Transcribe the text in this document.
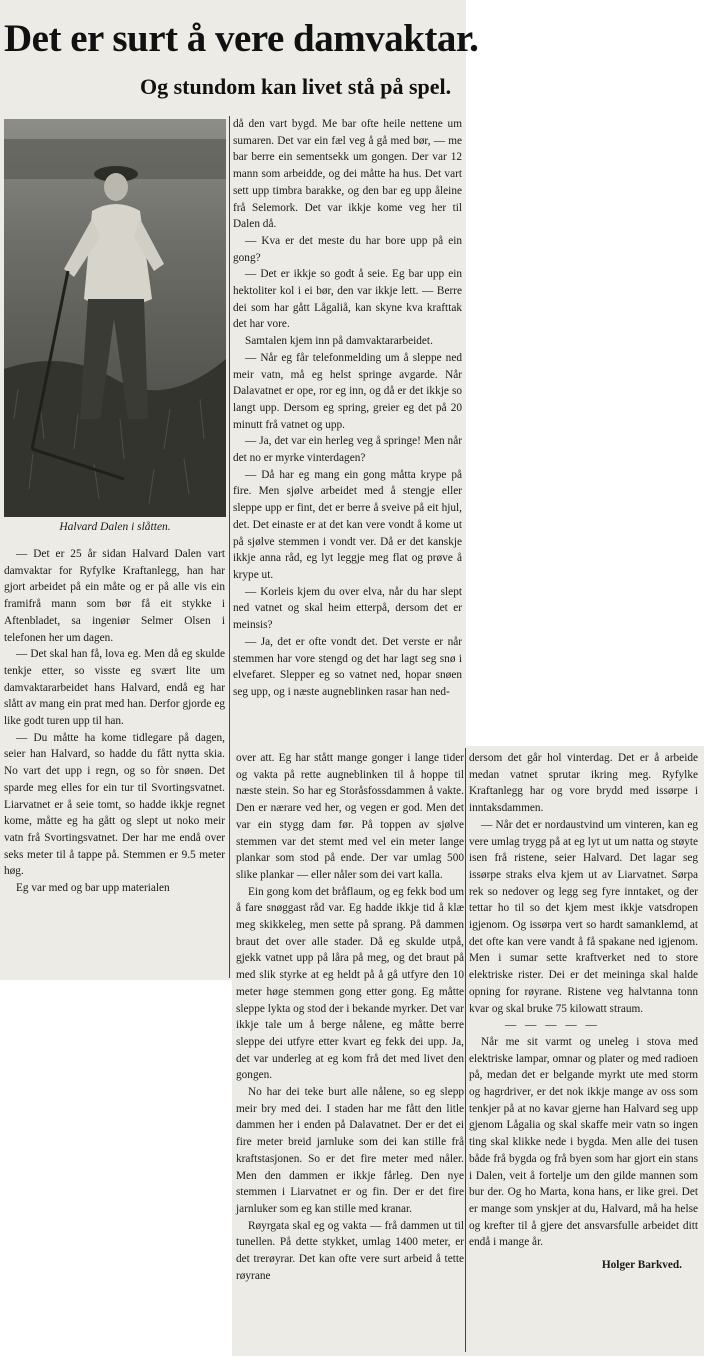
Det er surt å vere damvaktar.
Og stundom kan livet stå på spel.
Halvard Dalen i slåtten.

— Det er 25 år sidan Halvard Dalen vart damvaktar for Ryfylke Kraftanlegg, han har gjort arbeidet på ein måte og er på alle vis ein framifrå mann som bør få eit stykke i Aftenbladet, sa ingeniør Selmer Olsen i telefonen her um dagen.

— Det skal han få, lova eg. Men då eg skulde tenkje etter, so visste eg svært lite um damvaktararbeidet hans Halvard, endå eg har slått av mang ein prat med han. Derfor gjorde eg like godt turen upp til han.

— Du måtte ha kome tidlegare på dagen, seier han Halvard, so hadde du fått nytta skia. No vart det upp i regn, og so fòr snøen. Det sparde meg elles for ein tur til Svortingsvatnet. Liarvatnet er å seie tomt, so hadde ikkje regnet kome, måtte eg ha gått og slept ut noko meir vatn frå Svortingsvatnet. Der har me endå over seks meter til å tappe på. Stemmen er 9.5 meter høg.

Eg var med og bar upp materialen

då den vart bygd. Me bar ofte heile nettene um sumaren. Det var ein fæl veg å gå med bør, — me bar berre ein sementsekk um gongen. Der var 12 mann som arbeidde, og dei måtte ha hus. Det vart sett upp timbra barakke, og den bar eg upp åleine frå Selemork. Det var ikkje kome veg her til Dalen då.

— Kva er det meste du har bore upp på ein gong?

— Det er ikkje so godt å seie. Eg bar upp ein hektoliter kol i ei bør, den var ikkje lett. — Berre dei som har gått Lågaliå, kan skyne kva krafttak det har vore.

Samtalen kjem inn på damvaktararbeidet.

— Når eg får telefonmelding um å sleppe ned meir vatn, må eg helst springe avgarde. Når Dalavatnet er ope, ror eg inn, og då er det ikkje so langt upp. Dersom eg spring, greier eg det på 20 minutt frå vatnet og upp.

— Ja, det var ein herleg veg å springe! Men når det no er myrke vinterdagen?

— Då har eg mang ein gong måtta krype på fire. Men sjølve arbeidet med å stengje eller sleppe upp er fint, det er berre å sveive på eit hjul, det. Det einaste er at det kan vere vondt å kome ut på sjølve stemmen i vondt ver. Då er det kanskje ikkje anna råd, eg lyt leggje meg flat og prøve å krype ut.

— Korleis kjem du over elva, når du har slept ned vatnet og skal heim etterpå, dersom det er meinsis?

— Ja, det er ofte vondt det. Det verste er når stemmen har vore stengd og det har lagt seg snø i elvefaret. Slepper eg so vatnet ned, hopar snøen seg upp, og i næste augneblinken rasar han ned-

over att. Eg har stått mange gonger i lange tider og vakta på rette augneblinken til å hoppe til næste stein. So har eg Storåsfossdammen å vakte. Den er nærare ved her, og vegen er god. Men det var ein stygg dam før. På toppen av sjølve stemmen var det stemt med vel ein meter lange plankar som stod på ende. Der var umlag 500 slike plankar — eller nåler som dei vart kalla.

Ein gong kom det bråflaum, og eg fekk bod um å fare snøggast råd var. Eg hadde ikkje tid å klæ meg skikkeleg, men sette på sprang. På dammen braut det over alle stader. Då eg skulde utpå, gjekk vatnet upp på låra på meg, og det braut på med slik styrke at eg heldt på å gå utfyre den 10 meter høge stemmen gong etter gong. Eg måtte sleppe lykta og stod der i bekande myrker. Det var ikkje tale um å berge nålene, eg måtte berre sleppe dei utfyre etter kvart eg fekk dei upp. Ja, det var underleg at eg kom frå det med livet den gongen.

No har dei teke burt alle nålene, so eg slepp meir bry med dei. I staden har me fått den litle dammen her i enden på Dalavatnet. Der er det ei fire meter breid jarnluke som dei kan stille frå kraftstasjonen. So er det fire meter med nåler. Men den dammen er ikkje fårleg. Den nye stemmen i Liarvatnet er og fin. Der er det fire jarnluker som eg kan stille med kranar.

Røyrgata skal eg og vakta — frå dammen ut til tunellen. På dette stykket, umlag 1400 meter, er det trerøyrar. Det kan ofte vere surt arbeid å tette røyrane

dersom det går hol vinterdag. Det er å arbeide medan vatnet sprutar ikring meg. Ryfylke Kraftanlegg har og vore brydd med issørpe i inntaksdammen.

— Når det er nordaustvind um vinteren, kan eg vere umlag trygg på at eg lyt ut um natta og støyte isen frå ristene, seier Halvard. Det lagar seg issørpe straks elva kjem ut av Liarvatnet. Sørpa rek so nedover og legg seg fyre inntaket, og der tettar ho til so det kjem mest ikkje vatsdropen igjenom. Og issørpa vert so hardt samanklemd, at det ofte kan vere vandt å få spakane ned igjenom. Men i sumar sette kraftverket ned to store elektriske rister. Dei er det meininga skal halde opning for røyrane. Ristene veg halvtanna tonn kvar og skal bruke 75 kilowatt straum.

— — — — —

Når me sit varmt og uneleg i stova med elektriske lampar, omnar og plater og med radioen på, medan det er belgande myrkt ute med storm og hagrdriver, er det nok ikkje mange av oss som tenkjer på at no kavar gjerne han Halvard seg upp gjenom Lågalia og skal skaffe meir vatn so ingen ting skal klikke nede i bygda. Men alle dei tusen både frå bygda og frå byen som har gjort ein stans i Dalen, veit å fortelje um den gilde mannen som bur der. Og ho Marta, kona hans, er like grei. Det er mange som ynskjer at du, Halvard, må ha helse og krefter til å gjere det ansvarsfulle arbeidet ditt endå i mange år.

Holger Barkved.
